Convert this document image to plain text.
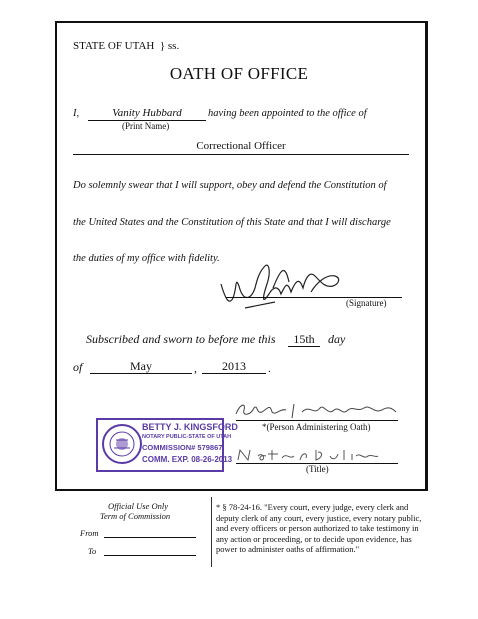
STATE OF UTAH } ss.
OATH OF OFFICE
I,	Vanity Hubbard
(Print Name)
having been appointed to the office of
Correctional Officer
Do solemnly swear that I will support, obey and defend the Constitution of
the United States and the Constitution of this State and that I will discharge
the duties of my office with fidelity.
(Signature)
Subscribed and sworn to before me this	15th	day
of	May	,	2013	.
BETTY J. KINGSFORD
NOTARY PUBLIC-STATE OF UTAH
COMMISSION# 579867
COMM. EXP. 08-26-2013
*(Person Administering Oath)
(Title)
Official Use Only
Term of Commission
From
To
* § 78-24-16. "Every court, every judge, every clerk and deputy clerk of any court, every justice, every notary public, and every officers or person authorized to take testimony in any action or proceeding, or to decide upon evidence, has power to administer oaths of affirmation."
